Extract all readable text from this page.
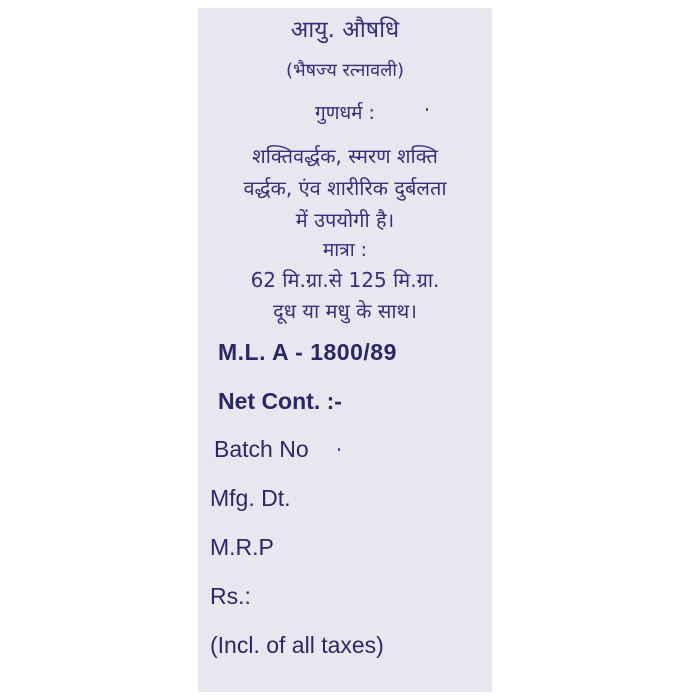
आयु. औषधि
(भैषज्य रत्नावली)
गुणधर्म :
शक्तिवर्द्धक, स्मरण शक्ति
वर्द्धक, एंव शारीरिक दुर्बलता
में उपयोगी है।
मात्रा :
62 मि.ग्रा.से 125 मि.ग्रा.
दूध या मधु के साथ।
M.L. A - 1800/89
Net Cont. :-
Batch No
Mfg. Dt.
M.R.P
Rs.:
(Incl. of all taxes)
